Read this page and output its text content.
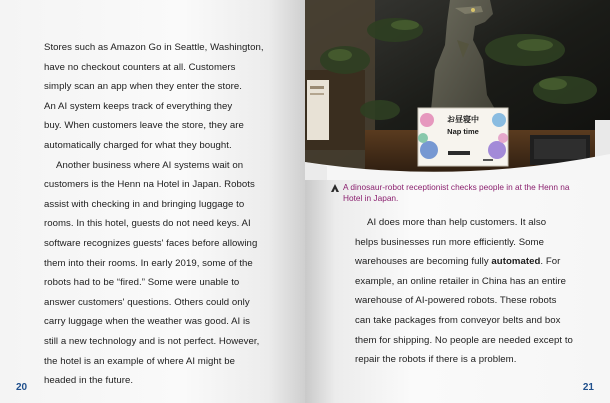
Stores such as Amazon Go in Seattle, Washington,
have no checkout counters at all. Customers
simply scan an app when they enter the store.
An AI system keeps track of everything they
buy. When customers leave the store, they are
automatically charged for what they bought.
Another business where AI systems wait on
customers is the Henn na Hotel in Japan. Robots
assist with checking in and bringing luggage to
rooms. In this hotel, guests do not need keys. AI
software recognizes guests' faces before allowing
them into their rooms. In early 2019, some of the
robots had to be “fired.” Some were unable to
answer customers' questions. Others could only
carry luggage when the weather was good. AI is
still a new technology and is not perfect. However,
the hotel is an example of where AI might be
headed in the future.
20
お昼寝中
Nap time
A dinosaur-robot receptionist checks people in at the Henn na Hotel in Japan.
AI does more than help customers. It also
helps businesses run more efficiently. Some
warehouses are becoming fully automated. For
example, an online retailer in China has an entire
warehouse of AI-powered robots. These robots
can take packages from conveyor belts and box
them for shipping. No people are needed except to
repair the robots if there is a problem.
21
